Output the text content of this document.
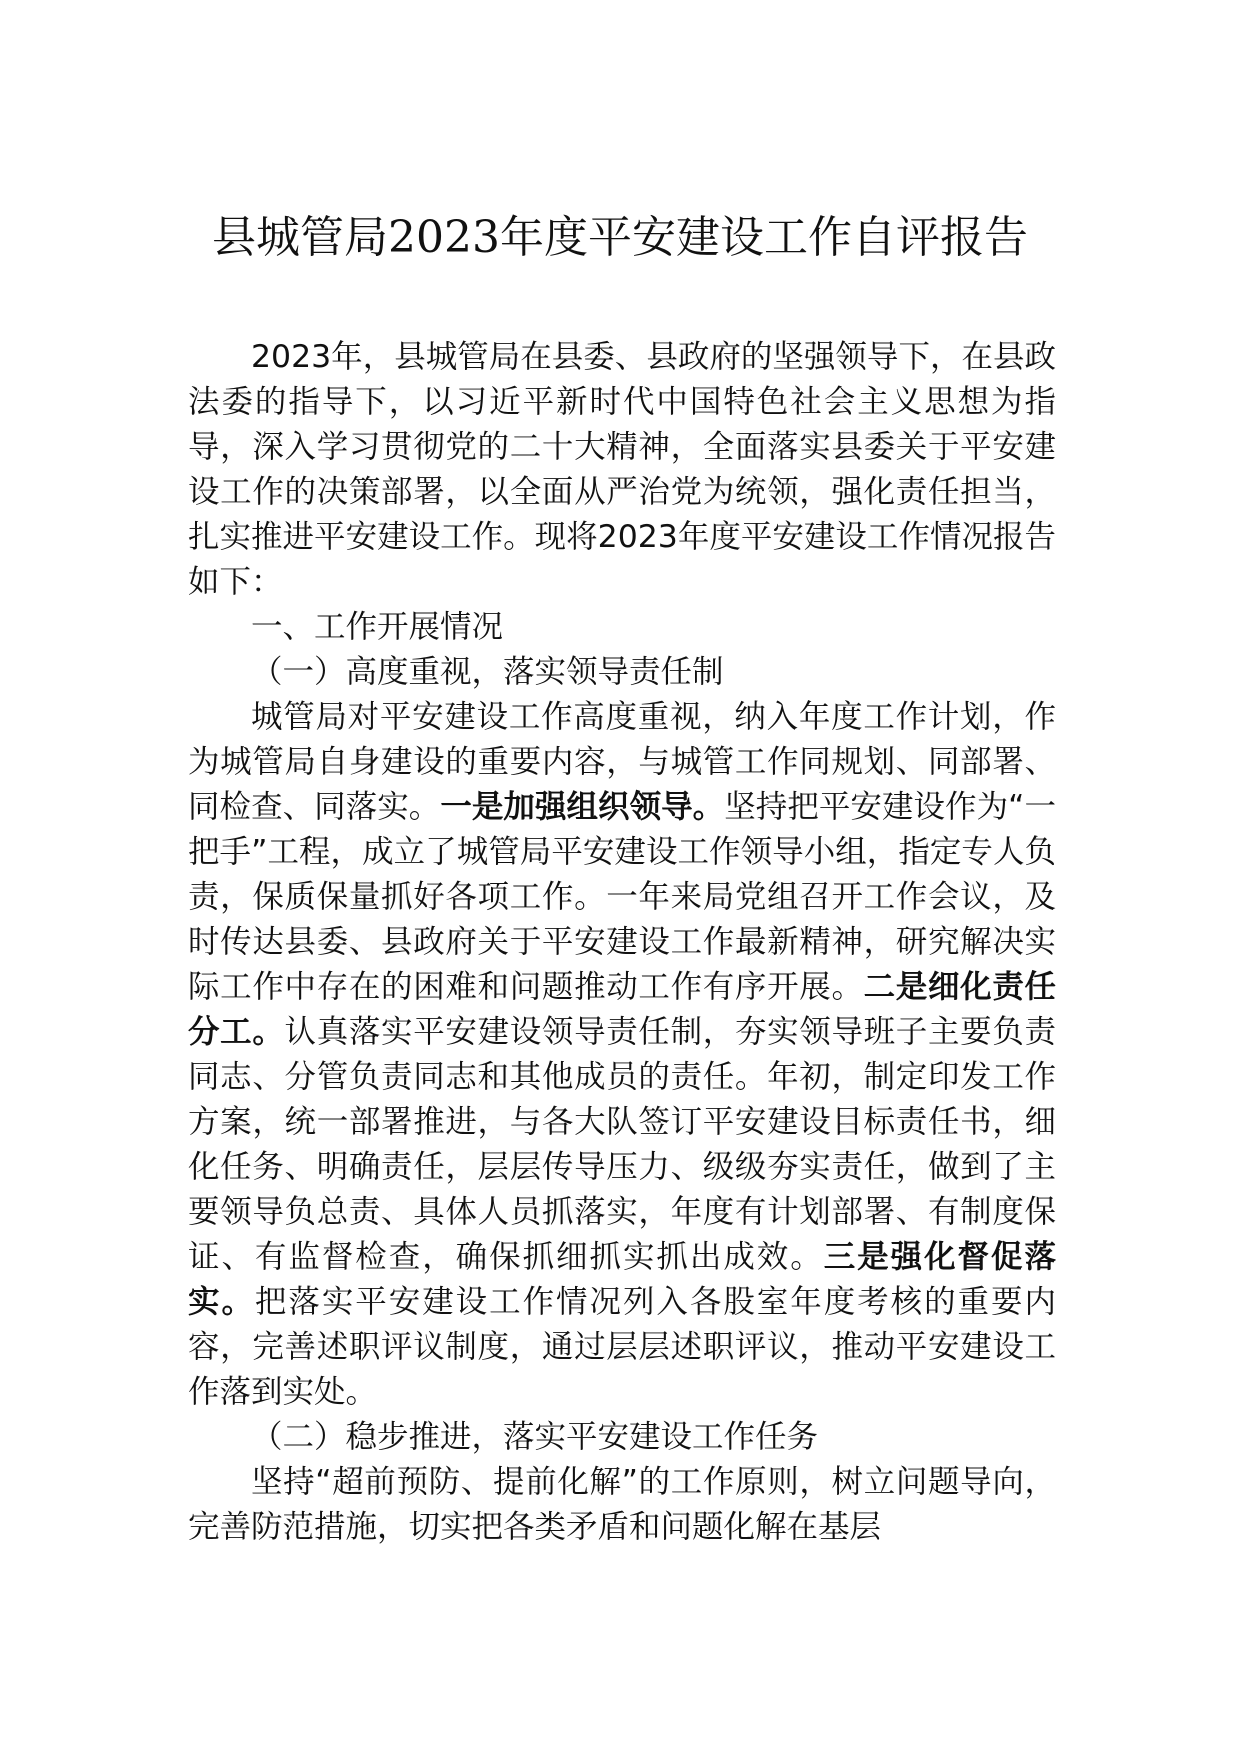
县城管局2023年度平安建设工作自评报告

2023年，县城管局在县委、县政府的坚强领导下，在县政法委的指导下，以习近平新时代中国特色社会主义思想为指导，深入学习贯彻党的二十大精神，全面落实县委关于平安建设工作的决策部署，以全面从严治党为统领，强化责任担当，扎实推进平安建设工作。现将2023年度平安建设工作情况报告如下：

一、工作开展情况

（一）高度重视，落实领导责任制

城管局对平安建设工作高度重视，纳入年度工作计划，作为城管局自身建设的重要内容，与城管工作同规划、同部署、同检查、同落实。一是加强组织领导。坚持把平安建设作为“一把手”工程，成立了城管局平安建设工作领导小组，指定专人负责，保质保量抓好各项工作。一年来局党组召开工作会议，及时传达县委、县政府关于平安建设工作最新精神，研究解决实际工作中存在的困难和问题推动工作有序开展。二是细化责任分工。认真落实平安建设领导责任制，夯实领导班子主要负责同志、分管负责同志和其他成员的责任。年初，制定印发工作方案，统一部署推进，与各大队签订平安建设目标责任书，细化任务、明确责任，层层传导压力、级级夯实责任，做到了主要领导负总责、具体人员抓落实，年度有计划部署、有制度保证、有监督检查，确保抓细抓实抓出成效。三是强化督促落实。把落实平安建设工作情况列入各股室年度考核的重要内容，完善述职评议制度，通过层层述职评议，推动平安建设工作落到实处。

（二）稳步推进，落实平安建设工作任务

坚持“超前预防、提前化解”的工作原则，树立问题导向，完善防范措施，切实把各类矛盾和问题化解在基层
